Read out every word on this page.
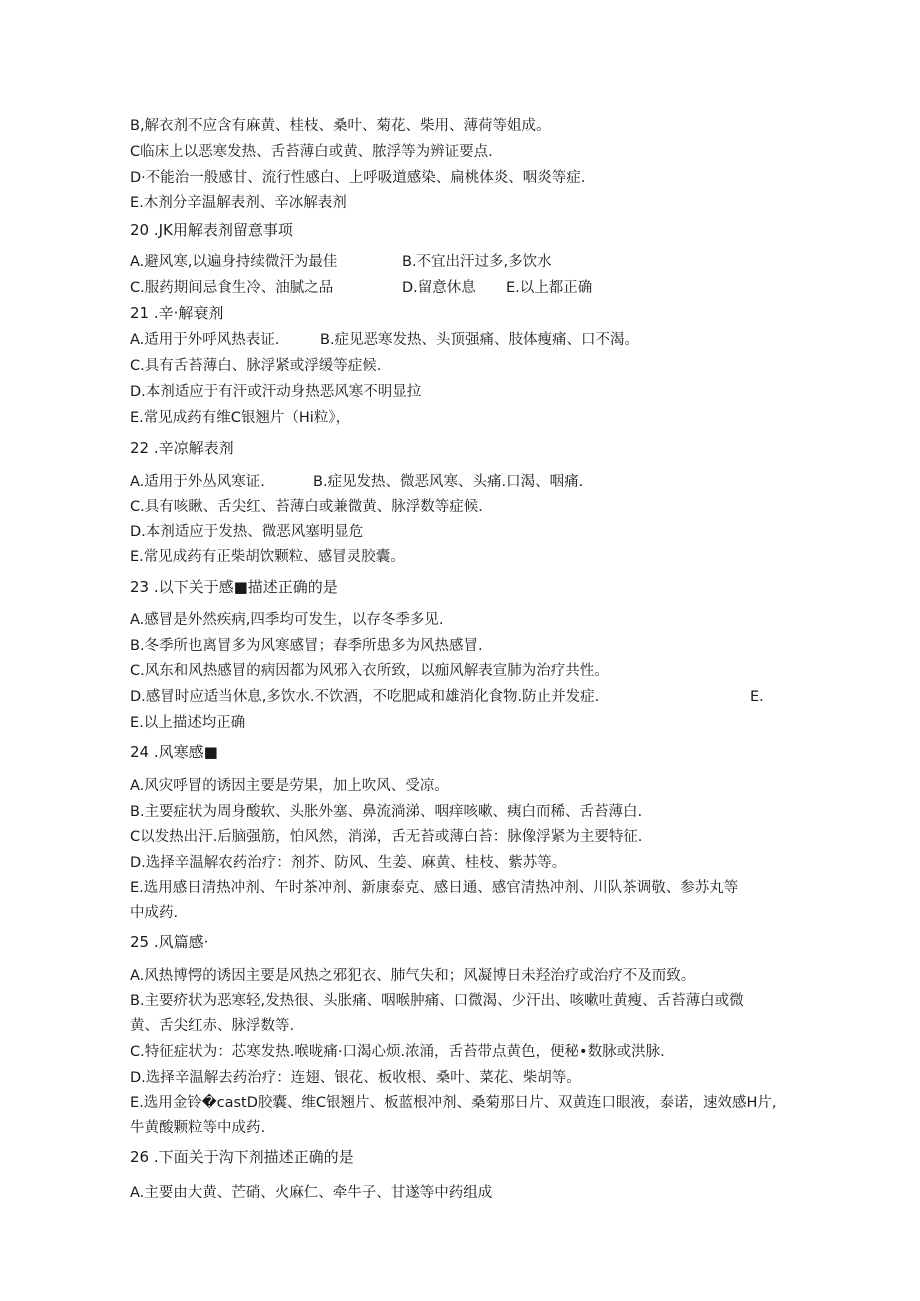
B,解衣剂不应含有麻黄、桂枝、桑叶、菊花、柴用、薄荷等姐成。
C临床上以恶寒发热、舌苔薄白或黄、脓浮等为辨证要点.
D·不能治一般感甘、流行性感白、上呼吸道感染、扁桃体炎、咽炎等症.
E.木剂分辛温解表剂、辛冰解表剂
20 .JK用解表剂留意事项
A.避风寒,以遍身持续微汗为最佳	B.不宜出汗过多,多饮水
C.服药期间忌食生冷、油腻之品	D.留意休息 E.以上都正确
21 .辛·解衰剂
A.适用于外呼风热表证.	B.症见恶寒发热、头顶强痛、肢体瘦痛、口不渴。
C.具有舌苔薄白、脉浮紧或浮缓等症候.
D.本剂适应于有汗或汗动身热恶风寒不明显拉
E.常见成药有维C银翘片（Hi粒》，
22 .辛凉解表剂
A.适用于外丛风寒证.	B.症见发热、微恶风寒、头痛.口渴、咽痛.
C.具有咳瞅、舌尖红、苔薄白或兼微黄、脉浮数等症候.
D.本剂适应于发热、微恶风塞明显危
E.常见成药有正柴胡饮颗粒、感冒灵胶囊。
23 .以下关于感■描述正确的是
A.感冒是外然疾病,四季均可发生，以存冬季多见.
B.冬季所也离冒多为风寒感冒；春季所患多为风热感冒.
C.风东和风热感冒的病因都为风邪入衣所致，以痂风解表宣肺为治疗共性。
D.感冒时应适当休息,多饮水.不饮酒，不吃肥咸和雄消化食物.防止并发症.	E.
E.以上描述均正确
24 .风寒感■
A.风灾呼冒的诱因主要是劳果，加上吹风、受凉。
B.主要症状为周身酸软、头胀外塞、鼻流淌涕、咽痒咳嗽、痍白而稀、舌苔薄白.
C以发热出汗.后脑强筋，怕风然，消涕，舌无苔或薄白苔：脉像浮紧为主要特征.
D.选择辛温解农药治疗：剂芥、防风、生姜、麻黄、桂枝、紫苏等。
E.选用感日清热冲剂、午时茶冲剂、新康泰克、感日通、感官清热冲剂、川队茶调敬、参苏丸等
中成药.
25 .风篇感·
A.风热博愕的诱因主要是风热之邪犯衣、肺气失和；风凝博日未羟治疗或治疗不及而致。
B.主要疥状为恶寒轻,发热很、头胀痛、咽喉肿痛、口微渴、少汗出、咳嗽吐黄瘦、舌苔薄白或微
黄、舌尖红赤、脉浮数等.
C.特征症状为：芯寒发热.喉咙痛·口渴心烦.浓涌，舌苔带点黄色，便秘•数脉或洪脉.
D.选择辛温解去药治疗：连翅、银花、板收根、桑叶、菜花、柴胡等。
E.选用金铃�castD胶囊、维C银翘片、板蓝根冲剂、桑菊那日片、双黄连口眼液，泰诺，速效感H片,
牛黄酸颗粒等中成药.
26 .下面关于沟下剂描述正确的是
A.主要由大黄、芒硝、火麻仁、牵牛子、甘遂等中药组成
